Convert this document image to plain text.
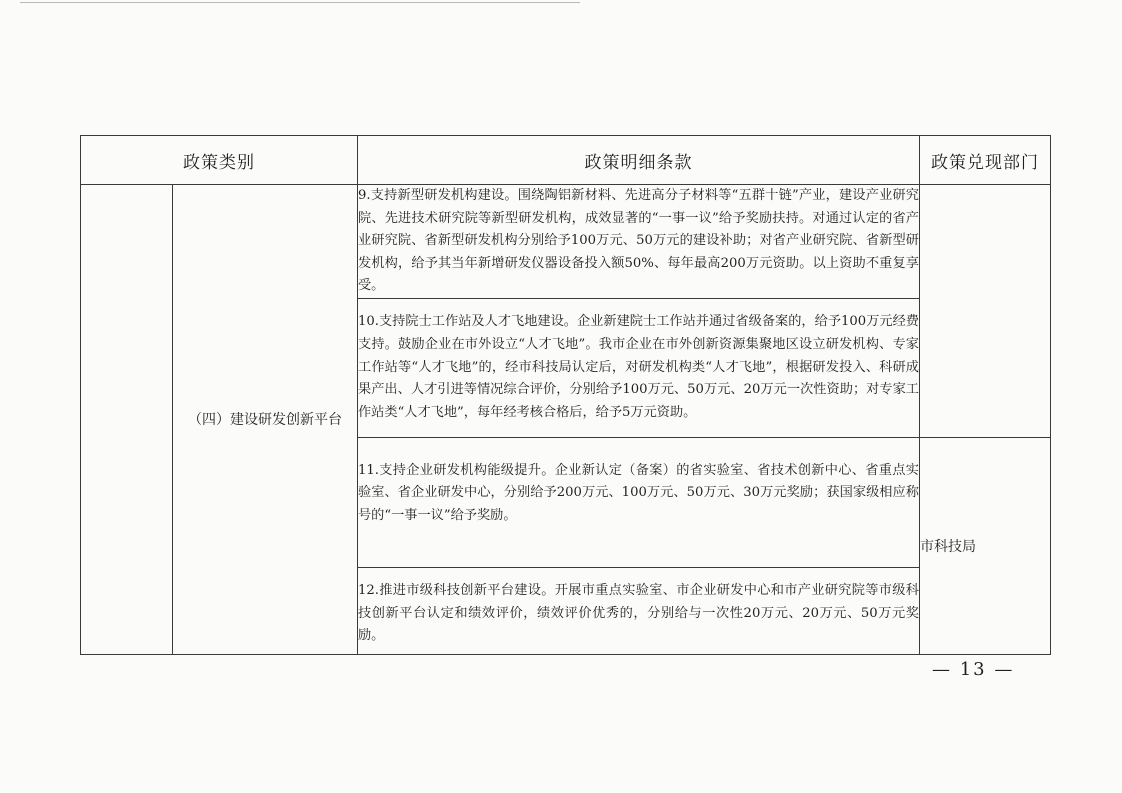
政策类别		政策明细条款	政策兑现部门
	（四）建设研发创新平台	9.支持新型研发机构建设。围绕陶铝新材料、先进高分子材料等“五群十链”产业，建设产业研究院、先进技术研究院等新型研发机构，成效显著的“一事一议”给予奖励扶持。对通过认定的省产业研究院、省新型研发机构分别给予100万元、50万元的建设补助；对省产业研究院、省新型研发机构，给予其当年新增研发仪器设备投入额50%、每年最高200万元资助。以上资助不重复享受。	

		10.支持院士工作站及人才飞地建设。企业新建院士工作站并通过省级备案的，给予100万元经费支持。鼓励企业在市外设立“人才飞地”。我市企业在市外创新资源集聚地区设立研发机构、专家工作站等“人才飞地”的，经市科技局认定后，对研发机构类“人才飞地”，根据研发投入、科研成果产出、人才引进等情况综合评价，分别给予100万元、50万元、20万元一次性资助；对专家工作站类“人才飞地”，每年经考核合格后，给予5万元资助。	

		11.支持企业研发机构能级提升。企业新认定（备案）的省实验室、省技术创新中心、省重点实验室、省企业研发中心，分别给予200万元、100万元、50万元、30万元奖励；获国家级相应称号的“一事一议”给予奖励。	市科技局

		12.推进市级科技创新平台建设。开展市重点实验室、市企业研发中心和市产业研究院等市级科技创新平台认定和绩效评价，绩效评价优秀的，分别给与一次性20万元、20万元、50万元奖励。	

— 13 —
